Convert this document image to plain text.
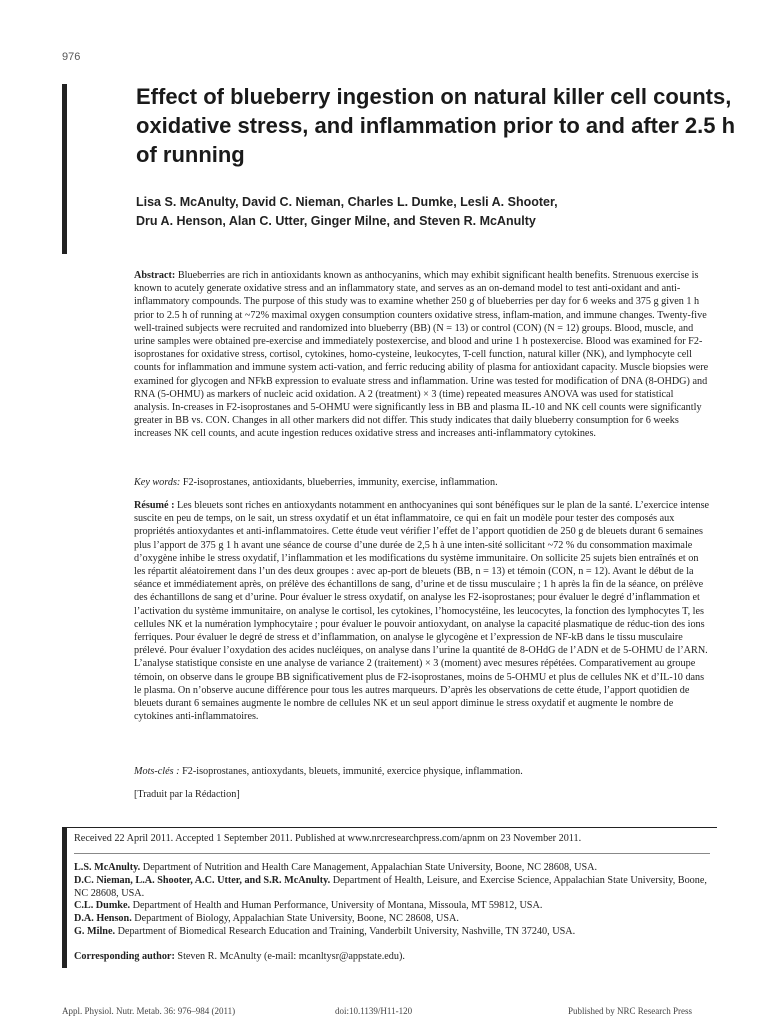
976
Effect of blueberry ingestion on natural killer cell counts, oxidative stress, and inflammation prior to and after 2.5 h of running
Lisa S. McAnulty, David C. Nieman, Charles L. Dumke, Lesli A. Shooter,
Dru A. Henson, Alan C. Utter, Ginger Milne, and Steven R. McAnulty

Abstract: Blueberries are rich in antioxidants known as anthocyanins, which may exhibit significant health benefits. Strenuous exercise is known to acutely generate oxidative stress and an inflammatory state, and serves as an on-demand model to test anti-oxidant and anti-inflammatory compounds. The purpose of this study was to examine whether 250 g of blueberries per day for 6 weeks and 375 g given 1 h prior to 2.5 h of running at ~72% maximal oxygen consumption counters oxidative stress, inflam-mation, and immune changes. Twenty-five well-trained subjects were recruited and randomized into blueberry (BB) (N = 13) or control (CON) (N = 12) groups. Blood, muscle, and urine samples were obtained pre-exercise and immediately postexercise, and blood and urine 1 h postexercise. Blood was examined for F2-isoprostanes for oxidative stress, cortisol, cytokines, homo-cysteine, leukocytes, T-cell function, natural killer (NK), and lymphocyte cell counts for inflammation and immune system acti-vation, and ferric reducing ability of plasma for antioxidant capacity. Muscle biopsies were examined for glycogen and NFkB expression to evaluate stress and inflammation. Urine was tested for modification of DNA (8-OHDG) and RNA (5-OHMU) as markers of nucleic acid oxidation. A 2 (treatment) × 3 (time) repeated measures ANOVA was used for statistical analysis. In-creases in F2-isoprostanes and 5-OHMU were significantly less in BB and plasma IL-10 and NK cell counts were significantly greater in BB vs. CON. Changes in all other markers did not differ. This study indicates that daily blueberry consumption for 6 weeks increases NK cell counts, and acute ingestion reduces oxidative stress and increases anti-inflammatory cytokines.

Key words: F2-isoprostanes, antioxidants, blueberries, immunity, exercise, inflammation.

Résumé : Les bleuets sont riches en antioxydants notamment en anthocyanines qui sont bénéfiques sur le plan de la santé. L’exercice intense suscite en peu de temps, on le sait, un stress oxydatif et un état inflammatoire, ce qui en fait un modèle pour tester des composés aux propriétés antioxydantes et anti-inflammatoires. Cette étude veut vérifier l’effet de l’apport quotidien de 250 g de bleuets durant 6 semaines plus l’apport de 375 g 1 h avant une séance de course d’une durée de 2,5 h à une inten-sité sollicitant ~72 % du consommation maximale d’oxygène inhibe le stress oxydatif, l’inflammation et les modifications du système immunitaire. On sollicite 25 sujets bien entraînés et on les répartit aléatoirement dans l’un des deux groupes : avec ap-port de bleuets (BB, n = 13) et témoin (CON, n = 12). Avant le début de la séance et immédiatement après, on prélève des échantillons de sang, d’urine et de tissu musculaire ; 1 h après la fin de la séance, on prélève des échantillons de sang et d’urine. Pour évaluer le stress oxydatif, on analyse les F2-isoprostanes; pour évaluer le degré d’inflammation et l’activation du système immunitaire, on analyse le cortisol, les cytokines, l’homocystéine, les leucocytes, la fonction des lymphocytes T, les cellules NK et la numération lymphocytaire ; pour évaluer le pouvoir antioxydant, on analyse la capacité plasmatique de réduc-tion des ions ferriques. Pour évaluer le degré de stress et d’inflammation, on analyse le glycogène et l’expression de NF-kB dans le tissu musculaire prélevé. Pour évaluer l’oxydation des acides nucléiques, on analyse dans l’urine la quantité de 8-OHdG de l’ADN et de 5-OHMU de l’ARN. L’analyse statistique consiste en une analyse de variance 2 (traitement) × 3 (moment) avec mesures répétées. Comparativement au groupe témoin, on observe dans le groupe BB significativement plus de F2-isoprostanes, moins de 5-OHMU et plus de cellules NK et d’IL-10 dans le plasma. On n’observe aucune différence pour tous les autres marqueurs. D’après les observations de cette étude, l’apport quotidien de bleuets durant 6 semaines augmente le nombre de cellules NK et un seul apport diminue le stress oxydatif et augmente le nombre de cytokines anti-inflammatoires.

Mots-clés : F2-isoprostanes, antioxydants, bleuets, immunité, exercice physique, inflammation.

[Traduit par la Rédaction]

Received 22 April 2011. Accepted 1 September 2011. Published at www.nrcresearchpress.com/apnm on 23 November 2011.

L.S. McAnulty. Department of Nutrition and Health Care Management, Appalachian State University, Boone, NC 28608, USA.
D.C. Nieman, L.A. Shooter, A.C. Utter, and S.R. McAnulty. Department of Health, Leisure, and Exercise Science, Appalachian State University, Boone, NC 28608, USA.
C.L. Dumke. Department of Health and Human Performance, University of Montana, Missoula, MT 59812, USA.
D.A. Henson. Department of Biology, Appalachian State University, Boone, NC 28608, USA.
G. Milne. Department of Biomedical Research Education and Training, Vanderbilt University, Nashville, TN 37240, USA.

Corresponding author: Steven R. McAnulty (e-mail: mcanltysr@appstate.edu).

Appl. Physiol. Nutr. Metab. 36: 976–984 (2011)	doi:10.1139/H11-120	Published by NRC Research Press
